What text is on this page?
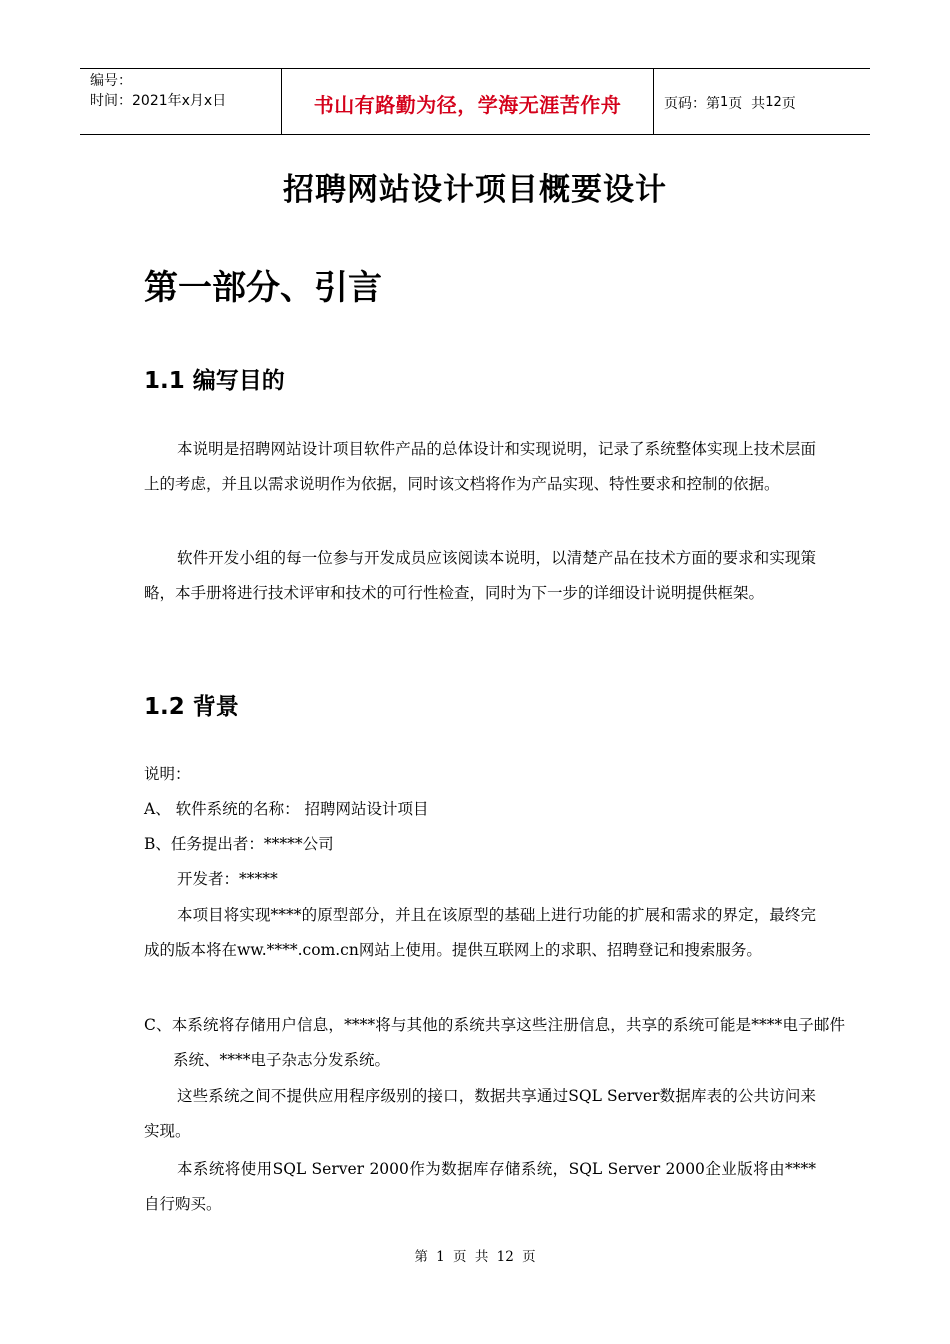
编号：
时间：2021年x月x日	书山有路勤为径，学海无涯苦作舟	页码：第 1 页  共 12 页
招聘网站设计项目概要设计
第一部分、引言
1.1 编写目的

本说明是招聘网站设计项目软件产品的总体设计和实现说明，记录了系统整体实现上技术层面上的考虑，并且以需求说明作为依据，同时该文档将作为产品实现、特性要求和控制的依据。

软件开发小组的每一位参与开发成员应该阅读本说明，以清楚产品在技术方面的要求和实现策略，本手册将进行技术评审和技术的可行性检查，同时为下一步的详细设计说明提供框架。

1.2 背景
说明：
A、 软件系统的名称： 招聘网站设计项目
B、任务提出者：*****公司
开发者：*****

本项目将实现****的原型部分，并且在该原型的基础上进行功能的扩展和需求的界定，最终完成的版本将在ww.****.com.cn网站上使用。提供互联网上的求职、招聘登记和搜索服务。

C、本系统将存储用户信息，****将与其他的系统共享这些注册信息，共享的系统可能是****电子邮件系统、****电子杂志分发系统。

这些系统之间不提供应用程序级别的接口，数据共享通过SQL Server数据库表的公共访问来实现。

本系统将使用SQL Server 2000作为数据库存储系统，SQL Server 2000企业版将由****自行购买。

第 1 页 共 12 页
